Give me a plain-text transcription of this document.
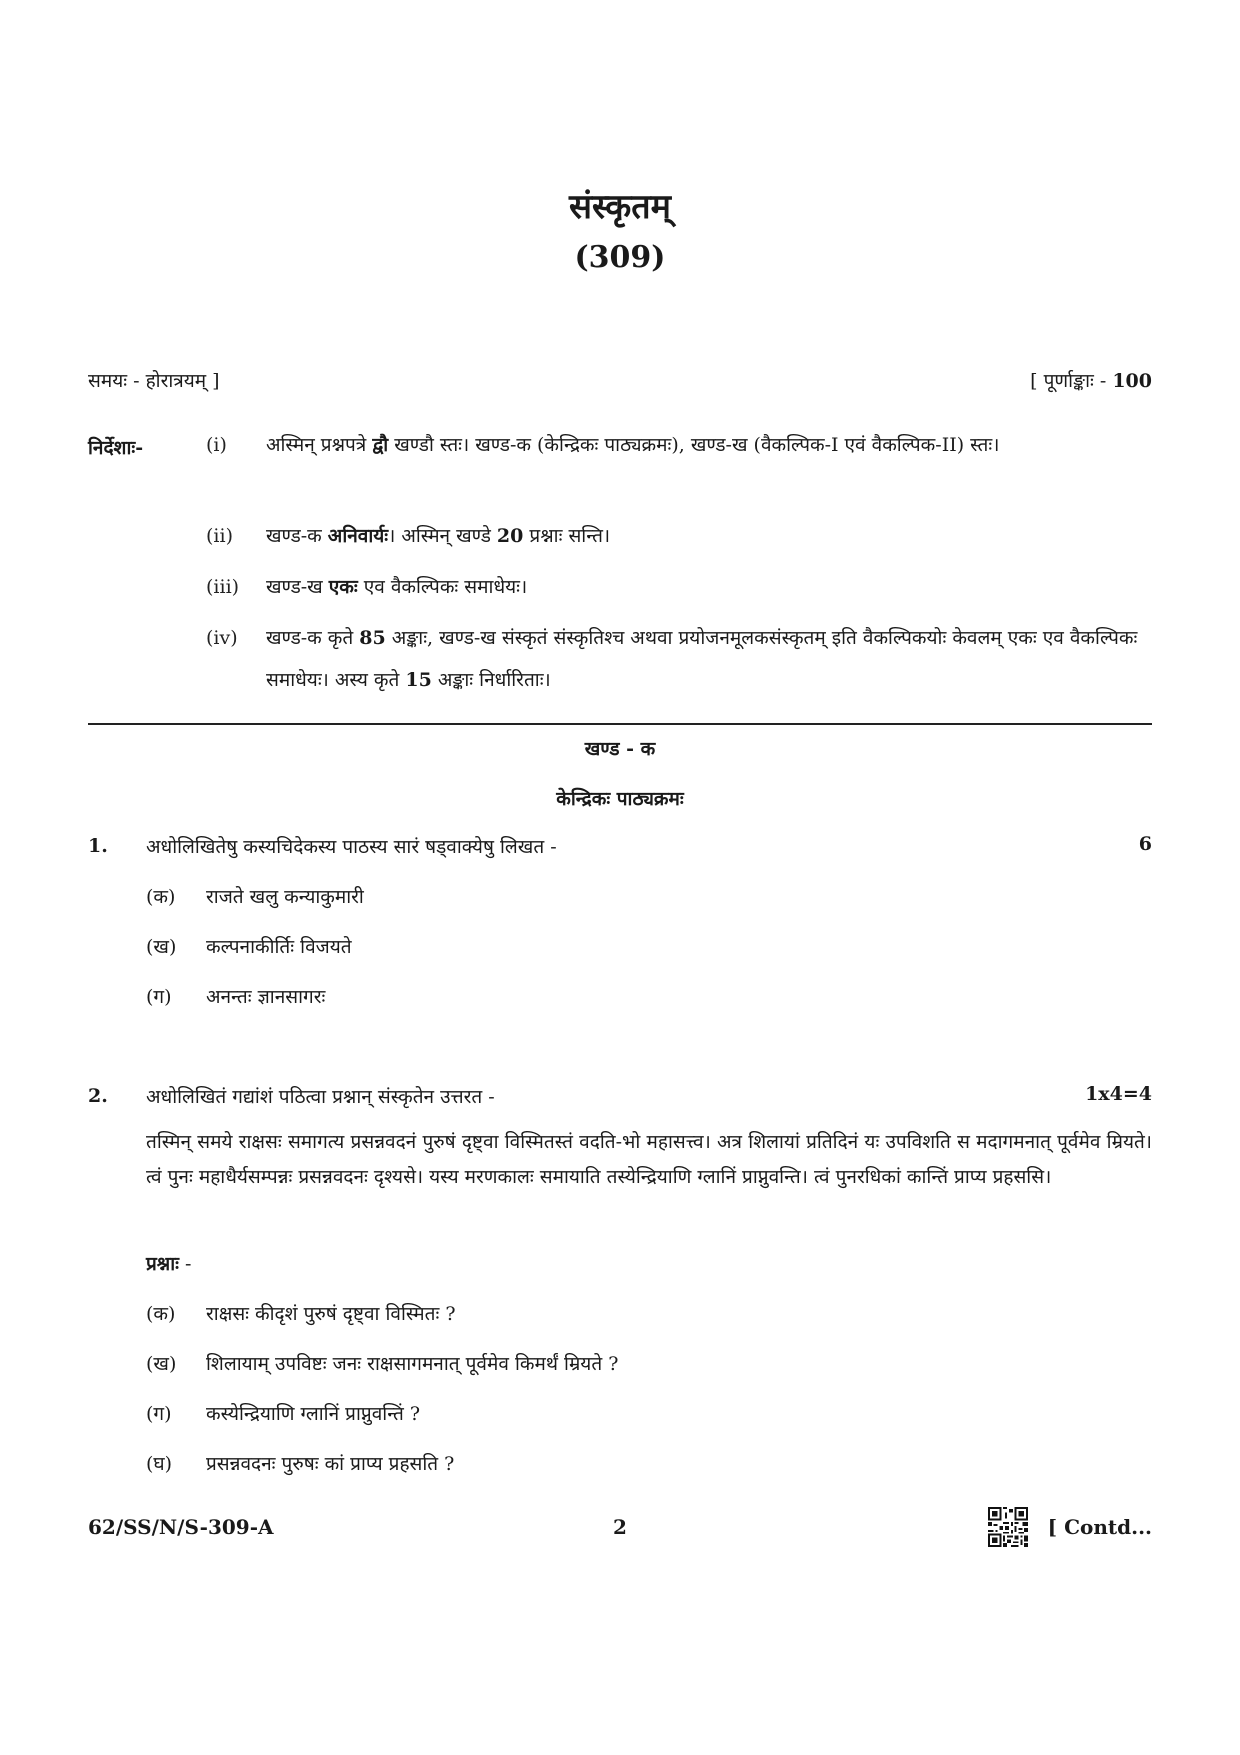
संस्कृतम्
(309)
समयः - होरात्रयम् ]	[ पूर्णाङ्काः - 100
निर्देशाः-	(i) अस्मिन् प्रश्नपत्रे द्वौ खण्डौ स्तः। खण्ड-क (केन्द्रिकः पाठ्यक्रमः), खण्ड-ख (वैकल्पिक-I एवं वैकल्पिक-II) स्तः।
(ii) खण्ड-क अनिवार्यः। अस्मिन् खण्डे 20 प्रश्नाः सन्ति।
(iii) खण्ड-ख एकः एव वैकल्पिकः समाधेयः।
(iv) खण्ड-क कृते 85 अङ्काः, खण्ड-ख संस्कृतं संस्कृतिश्च अथवा प्रयोजनमूलकसंस्कृतम् इति वैकल्पिकयोः केवलम् एकः एव वैकल्पिकः समाधेयः। अस्य कृते 15 अङ्काः निर्धारिताः।
खण्ड - क
केन्द्रिकः पाठ्यक्रमः
1. अधोलिखितेषु कस्यचिदेकस्य पाठस्य सारं षड्वाक्येषु लिखत -	6
(क) राजते खलु कन्याकुमारी
(ख) कल्पनाकीर्तिः विजयते
(ग) अनन्तः ज्ञानसागरः
2. अधोलिखितं गद्यांशं पठित्वा प्रश्नान् संस्कृतेन उत्तरत -	1x4=4
तस्मिन् समये राक्षसः समागत्य प्रसन्नवदनं पुरुषं दृष्ट्वा विस्मितस्तं वदति-भो महासत्त्व। अत्र शिलायां प्रतिदिनं यः उपविशति स मदागमनात् पूर्वमेव म्रियते। त्वं पुनः महाधैर्यसम्पन्नः प्रसन्नवदनः दृश्यसे। यस्य मरणकालः समायाति तस्येन्द्रियाणि ग्लानिं प्राप्नुवन्ति। त्वं पुनरधिकां कान्तिं प्राप्य प्रहससि।
प्रश्नाः -
(क) राक्षसः कीदृशं पुरुषं दृष्ट्वा विस्मितः ?
(ख) शिलायाम् उपविष्टः जनः राक्षसागमनात् पूर्वमेव किमर्थं म्रियते ?
(ग) कस्येन्द्रियाणि ग्लानिं प्राप्नुवन्तिं ?
(घ) प्रसन्नवदनः पुरुषः कां प्राप्य प्रहसति ?
62/SS/N/S-309-A	2	[ Contd...
